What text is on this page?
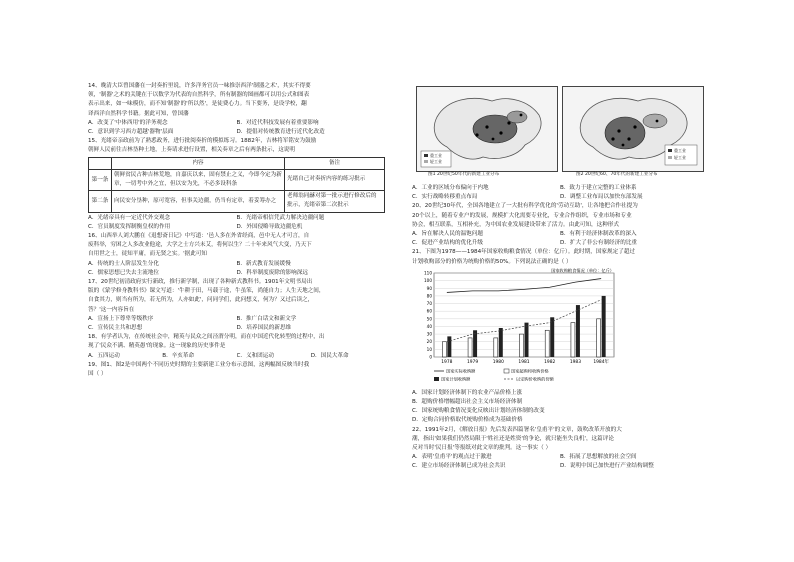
14、晚清大臣曾国藩在一封奏折里说，许多洋务官员一味推崇西洋'制器之术'，其实不得要
领，'制器'之术的关键在于以数学为代表的自然科学，所有制器的图画都可以用公式和图表
表示出来，如一味模仿，而不知'制器'的'所以然'，是徒费心力。当下要务，是设学校，翻
译西洋自然科学书籍。据此可知，曾国藩
A．改变了'中体西用'的洋务观念	B．对近代科技发展有着重要影响
C．意识到学习西方超越'器物'层面	D．提倡对传统教育进行近代化改造
15、光绪帝亲政前为了熟悉政务，进行批阅奏折的模拟练习。1882年，吉林将军铭安为鼓励
朝鲜人民前往吉林垦种土地，上奏请求进行设置，相关奏章之后有两条批示，这说明
	内容	备注
第一条	朝鲜贫民占种吉林荒地，自嘉庆以来，固有禁止之义，今即今定为新章，一切考中外之宜，但以安为先，不必多设科条	光绪自己对奏折内容的练习批示
第二条	向民安分垦种，原可宽容，但事关边疆，仍当有定章，着妥筹办之	老师翁同龢对第一批示进行修改后的批示，光绪帝第二次批示
A．光绪帝具有一定近代外交观念	B．光绪帝相信凭武力解决边疆问题
C．官员制度发挥制衡皇权的作用	D．外国侵略导致边疆危机
16、山西举人刘大鹏在《退想斋日记》中写道：'邑人多在外省经商，邑中无人才可言，自
废科举，穷困之人多改业他途，大学之士方兴未艾，将何以生？二十年来风气大变，乃天下
自用世之士，徒知平庸，而无贤之实。'据此可知
A．传统的士人阶层发生分化	B．新式教育发展缓慢
C．儒家思想已失去主流地位	D．科举制度废除的影响深远
17、20世纪初清政府实行新政，推行新学制，出现了各种新式教科书。1901年文明书局出
版的《蒙学修身教科书》课文写道：'牛耕于田，马载于途，牛虽笨，尚能自力；人生天地之间，
自食其力，则当有所为，若无所为，人亦如此'，问同学们，此问想义，何为？又过后读之，
答？'这一内容旨在
A．宣扬上下尊卑等级秩序	B．推广白话文和新文学
C．宣传民主共和思想	D．培养国民的新思维
18、有学者认为，在传统社会中，精英与民众之间泾渭分明，而在中国近代化转型的过程中，出
现了'民众不满、精英愚'的现象。这一现象的历史事件是
A．五四运动	B．辛亥革命	C．义和团运动	D．国民大革命
19、图1、图2是中国两个不同历史时期的主要新建工业分布示意图，这两幅图反映当时我
国（ ）
重工业
轻工业
图1 20世纪50年代的新建工业分布
重工业
轻工业
图2 20世纪60、70年代的新建工业分布
A．工业的区域分布偏向于内地	B．致力于建立完整的工业体系
C．实行战略转移重点布局	D．调整工业布局以加快东部发展
20、20世纪30年代，全国各地建立了一大批有科学优化的'劳动互助'，让各地把合作社提为
20个以上，随着专业户的发展，规模扩大化需要专业化，专业合作组织，专业市场和专业
协会，相互联系，互相补充，为中国农业发展建设带来了活力。由此可知，这种形式
A．旨在解决人民的温饱问题	B．有利于经济体制改革的深入
C．促进产业结构的优化升级	D．扩大了非公有制经济的比重
21、下图为1978——1984年国家收购粮食情况（单位：亿斤）。此时期，国家规定了超过
计划收购部分的价格为统购价格的50%。下列说法正确的是（ ）
0
10
20
30
40
50
60
70
80
90
100
110
1978	1979	1980	1981	1982	1983	1984年
国家实际收购额	国家超购和收购价格
国家计划收购额	以定购价收购的份额
国家收购粮食情况（单位：亿斤）
A．国家计划经济体制下的农业产品价格上涨
B．超购价格增幅超出社会主义市场经济体制
C．国家统购粮食情况变化反映出计划经济体制的改变
D．定购合同价格取代统购价格成为基础价格
22、1991年2月，《解放日报》先后发表四篇署名'皇甫平'的文章，鼓吹改革开放的大
潮，指出'如果我们仍然局限于'姓社还是姓资'的争论，就只能坐失良机'，这篇评论
反对当时'民日报'等报纸对此文章的批判。这一事实（ ）
A．表明'皇甫平'的观点过于激进	B．拓展了思想解放的社会空间
C．建立市场经济体制已成为社会共识	D．说明中国已加快进行产业结构调整
